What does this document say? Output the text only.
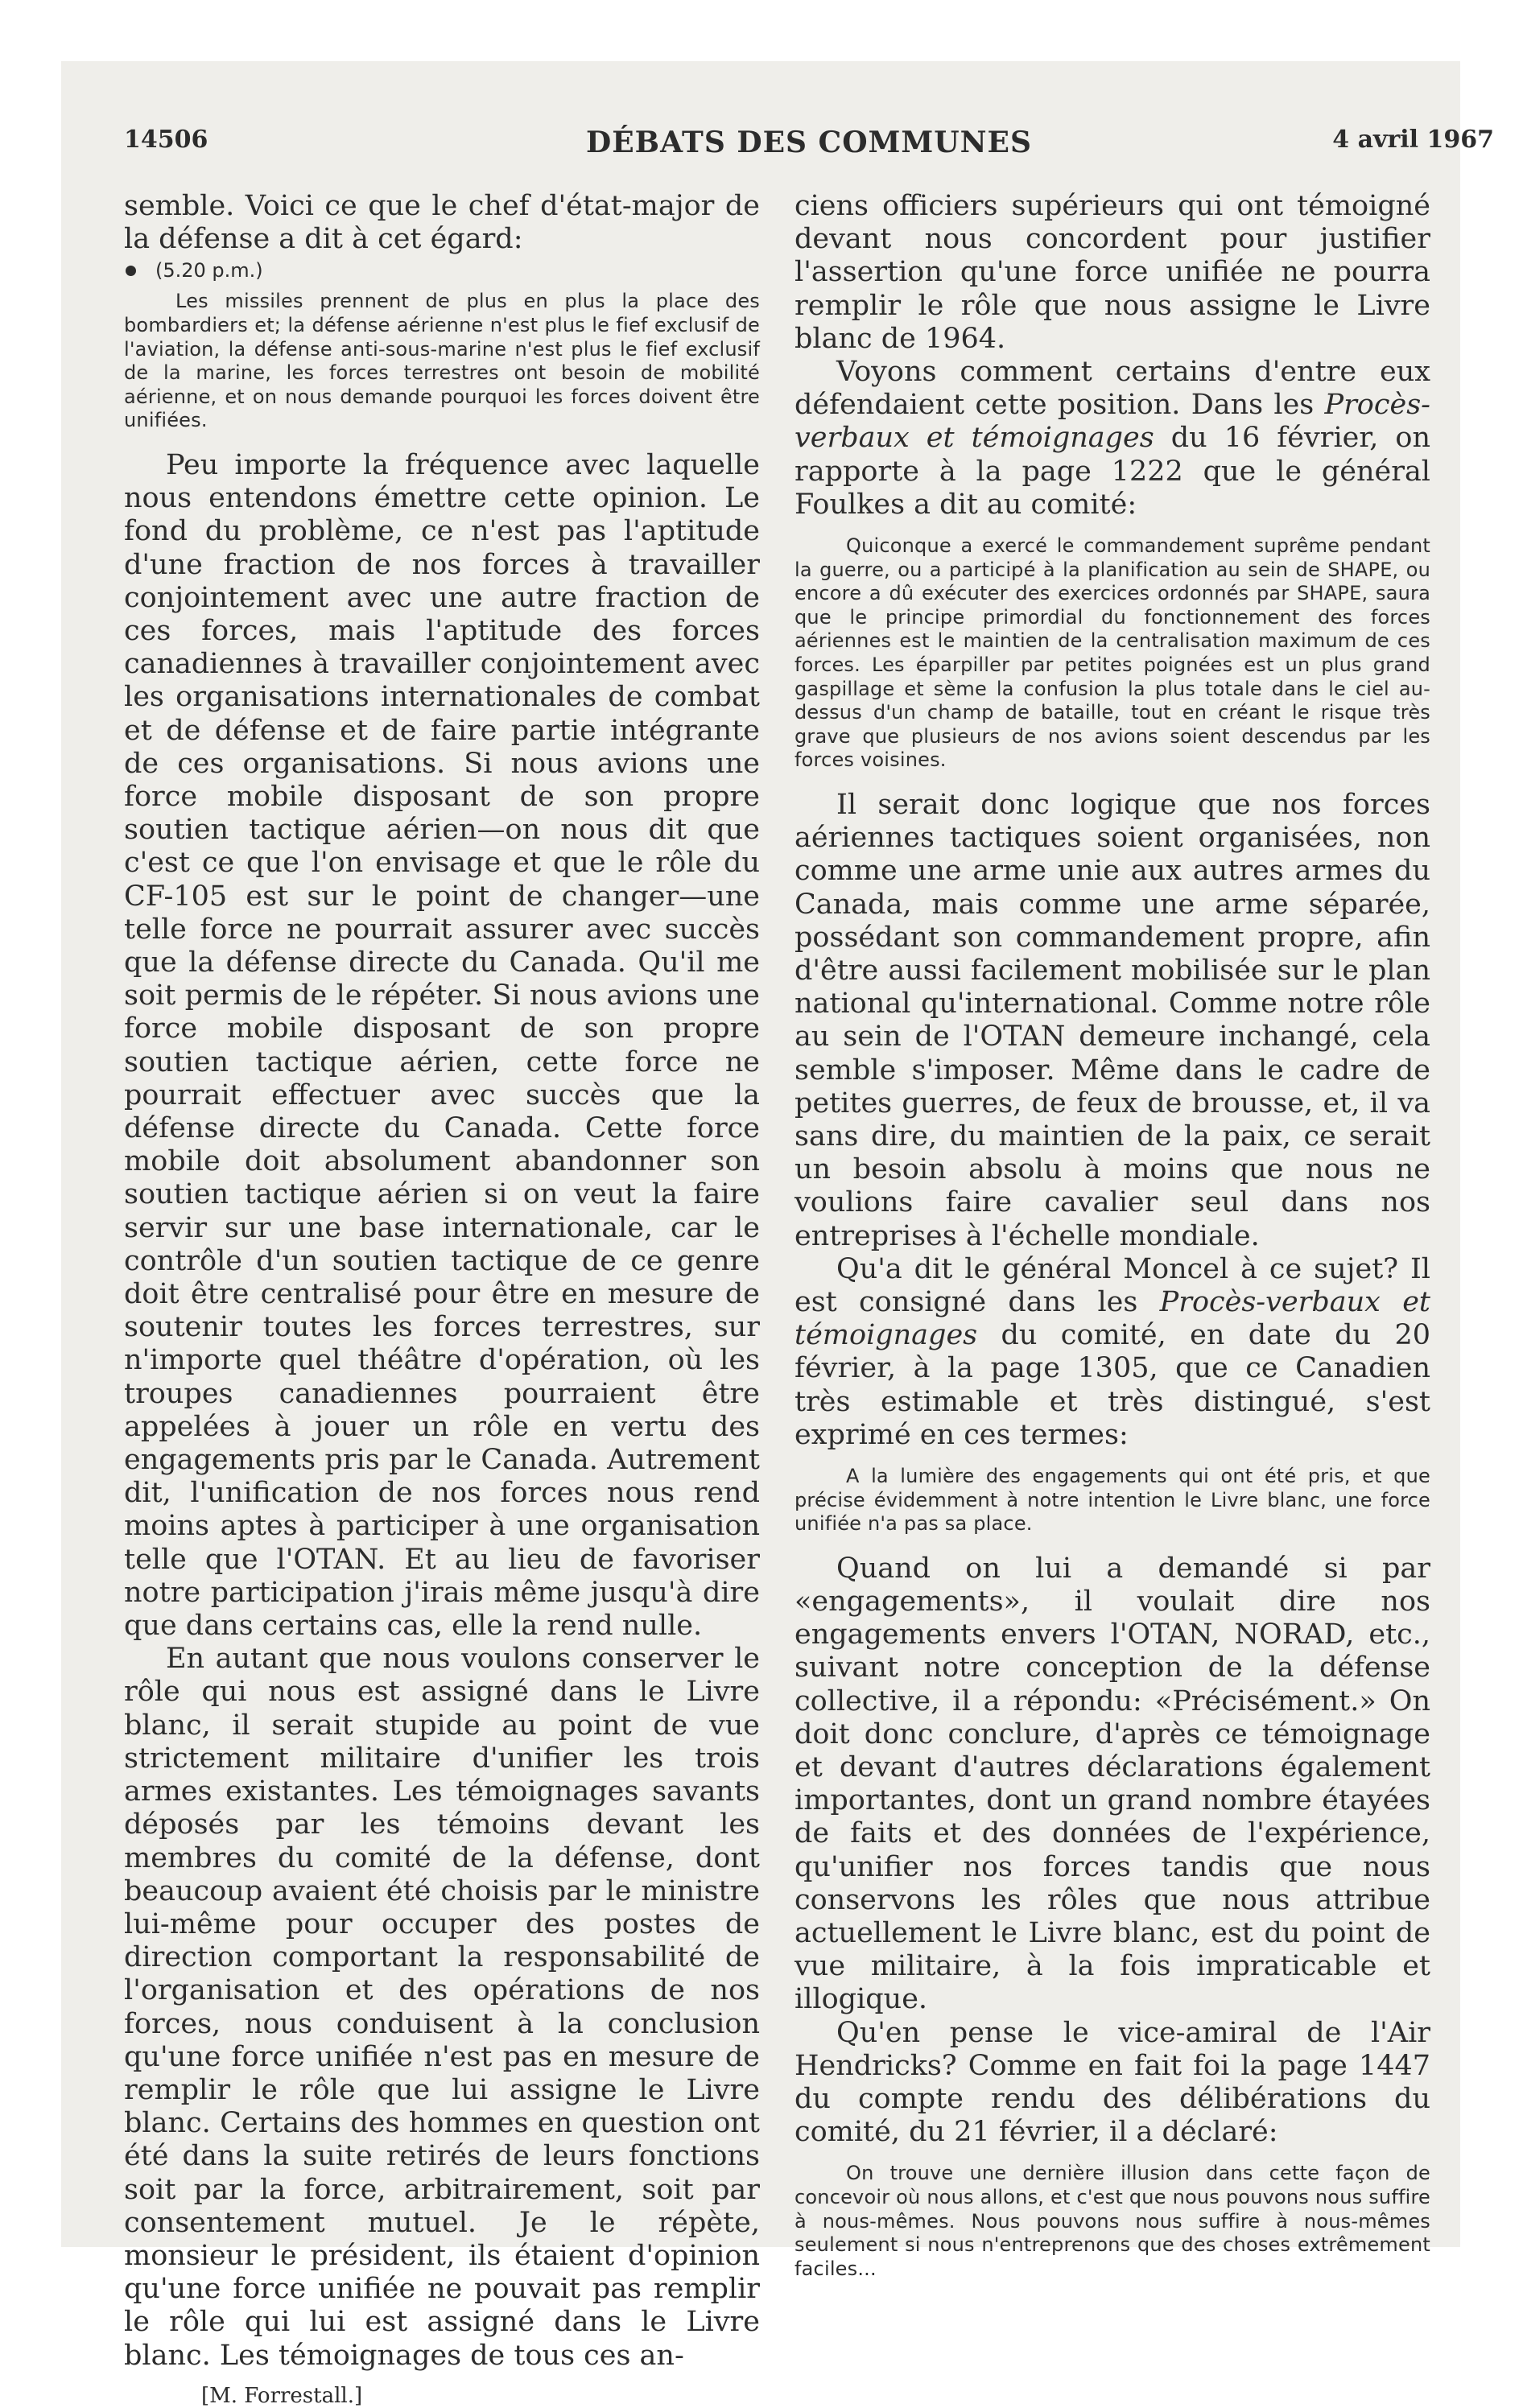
DÉBATS DES COMMUNES
14506	4 avril 1967

semble. Voici ce que le chef d'état-major de la défense a dit à cet égard:

(5.20 p.m.)

Les missiles prennent de plus en plus la place des bombardiers et; la défense aérienne n'est plus le fief exclusif de l'aviation, la défense anti-sous-marine n'est plus le fief exclusif de la marine, les forces terrestres ont besoin de mobilité aérienne, et on nous demande pourquoi les forces doivent être unifiées.

Peu importe la fréquence avec laquelle nous entendons émettre cette opinion. Le fond du problème, ce n'est pas l'aptitude d'une fraction de nos forces à travailler conjointement avec une autre fraction de ces forces, mais l'aptitude des forces canadiennes à travailler conjointement avec les organisations internationales de combat et de défense et de faire partie intégrante de ces organisations. Si nous avions une force mobile disposant de son propre soutien tactique aérien—on nous dit que c'est ce que l'on envisage et que le rôle du CF-105 est sur le point de changer—une telle force ne pourrait assurer avec succès que la défense directe du Canada. Qu'il me soit permis de le répéter. Si nous avions une force mobile disposant de son propre soutien tactique aérien, cette force ne pourrait effectuer avec succès que la défense directe du Canada. Cette force mobile doit absolument abandonner son soutien tactique aérien si on veut la faire servir sur une base internationale, car le contrôle d'un soutien tactique de ce genre doit être centralisé pour être en mesure de soutenir toutes les forces terrestres, sur n'importe quel théâtre d'opération, où les troupes canadiennes pourraient être appelées à jouer un rôle en vertu des engagements pris par le Canada. Autrement dit, l'unification de nos forces nous rend moins aptes à participer à une organisation telle que l'OTAN. Et au lieu de favoriser notre participation j'irais même jusqu'à dire que dans certains cas, elle la rend nulle.

En autant que nous voulons conserver le rôle qui nous est assigné dans le Livre blanc, il serait stupide au point de vue strictement militaire d'unifier les trois armes existantes. Les témoignages savants déposés par les témoins devant les membres du comité de la défense, dont beaucoup avaient été choisis par le ministre lui-même pour occuper des postes de direction comportant la responsabilité de l'organisation et des opérations de nos forces, nous conduisent à la conclusion qu'une force unifiée n'est pas en mesure de remplir le rôle que lui assigne le Livre blanc. Certains des hommes en question ont été dans la suite retirés de leurs fonctions soit par la force, arbitrairement, soit par consentement mutuel. Je le répète, monsieur le président, ils étaient d'opinion qu'une force unifiée ne pouvait pas remplir le rôle qui lui est assigné dans le Livre blanc. Les témoignages de tous ces an-

[M. Forrestall.]

ciens officiers supérieurs qui ont témoigné devant nous concordent pour justifier l'assertion qu'une force unifiée ne pourra remplir le rôle que nous assigne le Livre blanc de 1964.

Voyons comment certains d'entre eux défendaient cette position. Dans les Procès-verbaux et témoignages du 16 février, on rapporte à la page 1222 que le général Foulkes a dit au comité:

Quiconque a exercé le commandement suprême pendant la guerre, ou a participé à la planification au sein de SHAPE, ou encore a dû exécuter des exercices ordonnés par SHAPE, saura que le principe primordial du fonctionnement des forces aériennes est le maintien de la centralisation maximum de ces forces. Les éparpiller par petites poignées est un plus grand gaspillage et sème la confusion la plus totale dans le ciel au-dessus d'un champ de bataille, tout en créant le risque très grave que plusieurs de nos avions soient descendus par les forces voisines.

Il serait donc logique que nos forces aériennes tactiques soient organisées, non comme une arme unie aux autres armes du Canada, mais comme une arme séparée, possédant son commandement propre, afin d'être aussi facilement mobilisée sur le plan national qu'international. Comme notre rôle au sein de l'OTAN demeure inchangé, cela semble s'imposer. Même dans le cadre de petites guerres, de feux de brousse, et, il va sans dire, du maintien de la paix, ce serait un besoin absolu à moins que nous ne voulions faire cavalier seul dans nos entreprises à l'échelle mondiale.

Qu'a dit le général Moncel à ce sujet? Il est consigné dans les Procès-verbaux et témoignages du comité, en date du 20 février, à la page 1305, que ce Canadien très estimable et très distingué, s'est exprimé en ces termes:

A la lumière des engagements qui ont été pris, et que précise évidemment à notre intention le Livre blanc, une force unifiée n'a pas sa place.

Quand on lui a demandé si par «engagements», il voulait dire nos engagements envers l'OTAN, NORAD, etc., suivant notre conception de la défense collective, il a répondu: «Précisément.» On doit donc conclure, d'après ce témoignage et devant d'autres déclarations également importantes, dont un grand nombre étayées de faits et des données de l'expérience, qu'unifier nos forces tandis que nous conservons les rôles que nous attribue actuellement le Livre blanc, est du point de vue militaire, à la fois impraticable et illogique.

Qu'en pense le vice-amiral de l'Air Hendricks? Comme en fait foi la page 1447 du compte rendu des délibérations du comité, du 21 février, il a déclaré:

On trouve une dernière illusion dans cette façon de concevoir où nous allons, et c'est que nous pouvons nous suffire à nous-mêmes. Nous pouvons nous suffire à nous-mêmes seulement si nous n'entreprenons que des choses extrêmement faciles...
